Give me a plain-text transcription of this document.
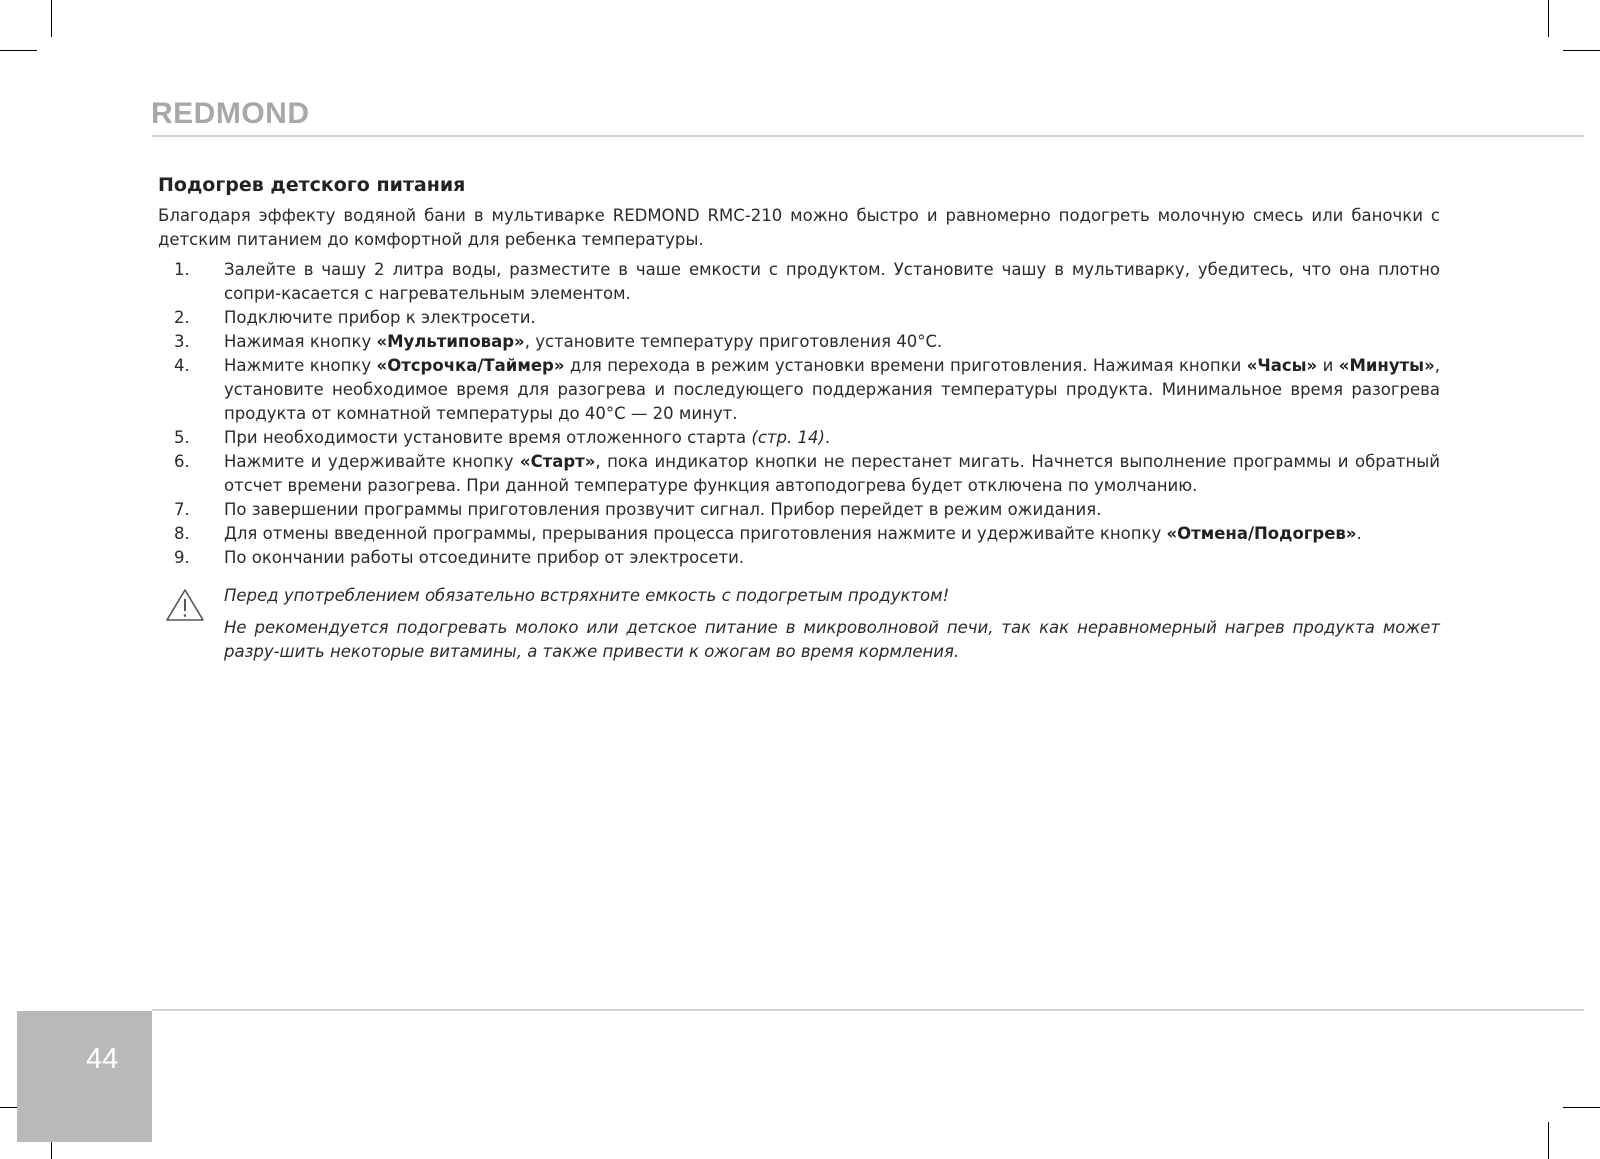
REDMOND
Подогрев детского питания

Благодаря эффекту водяной бани в мультиварке REDMOND RMC-210 можно быстро и равномерно подогреть молочную смесь или баночки с детским питанием до комфортной для ребенка температуры.

1. Залейте в чашу 2 литра воды, разместите в чаше емкости с продуктом. Установите чашу в мультиварку, убедитесь, что она плотно сопри-касается с нагревательным элементом.
2. Подключите прибор к электросети.
3. Нажимая кнопку «Мультиповар», установите температуру приготовления 40°С.
4. Нажмите кнопку «Отсрочка/Таймер» для перехода в режим установки времени приготовления. Нажимая кнопки «Часы» и «Минуты», установите необходимое время для разогрева и последующего поддержания температуры продукта. Минимальное время разогрева продукта от комнатной температуры до 40°С — 20 минут.
5. При необходимости установите время отложенного старта (стр. 14).
6. Нажмите и удерживайте кнопку «Старт», пока индикатор кнопки не перестанет мигать. Начнется выполнение программы и обратный отсчет времени разогрева. При данной температуре функция автоподогрева будет отключена по умолчанию.
7. По завершении программы приготовления прозвучит сигнал. Прибор перейдет в режим ожидания.
8. Для отмены введенной программы, прерывания процесса приготовления нажмите и удерживайте кнопку «Отмена/Подогрев».
9. По окончании работы отсоедините прибор от электросети.

Перед употреблением обязательно встряхните емкость с подогретым продуктом!

Не рекомендуется подогревать молоко или детское питание в микроволновой печи, так как неравномерный нагрев продукта может разру-шить некоторые витамины, а также привести к ожогам во время кормления.

44
